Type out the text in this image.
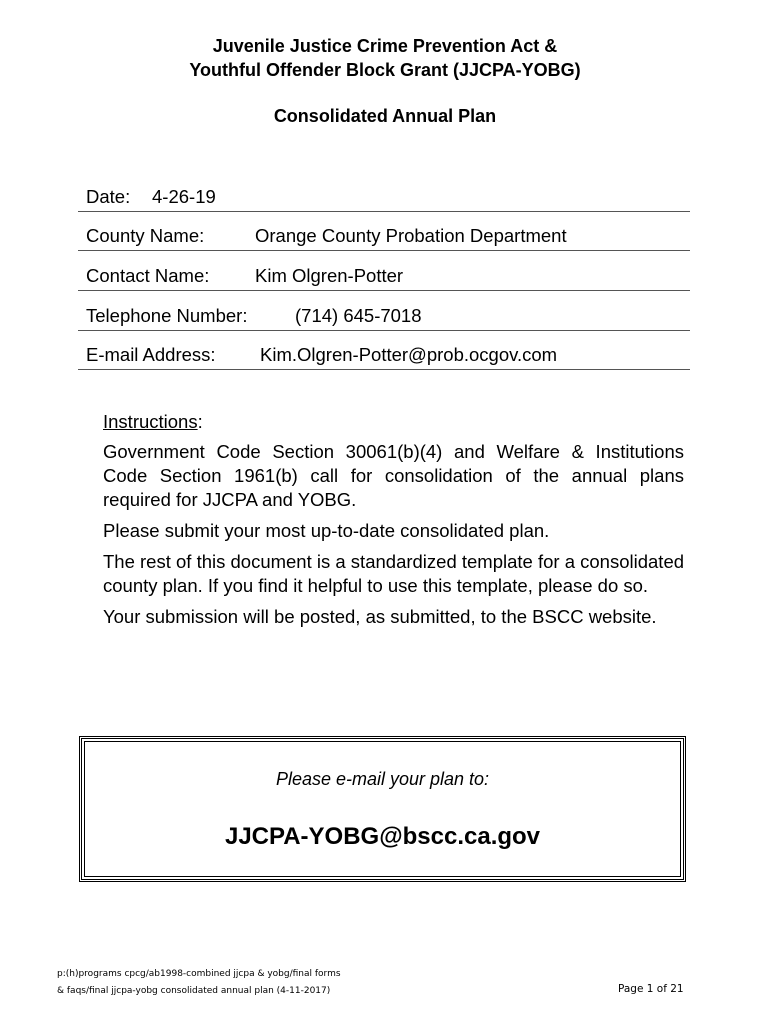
Juvenile Justice Crime Prevention Act &
Youthful Offender Block Grant (JJCPA-YOBG)
Consolidated Annual Plan
Date: 4-26-19
County Name:	Orange County Probation Department
Contact Name: Kim Olgren-Potter
Telephone Number:	(714) 645-7018
E-mail Address: Kim.Olgren-Potter@prob.ocgov.com
Instructions:

Government Code Section 30061(b)(4) and Welfare & Institutions Code Section 1961(b) call for consolidation of the annual plans required for JJCPA and YOBG.

Please submit your most up-to-date consolidated plan.

The rest of this document is a standardized template for a consolidated county plan. If you find it helpful to use this template, please do so.

Your submission will be posted, as submitted, to the BSCC website.

Please e-mail your plan to:
JJCPA-YOBG@bscc.ca.gov
p:(h)programs cpcg/ab1998-combined jjcpa & yobg/final forms
& faqs/final jjcpa-yobg consolidated annual plan (4-11-2017)	Page 1 of 21
